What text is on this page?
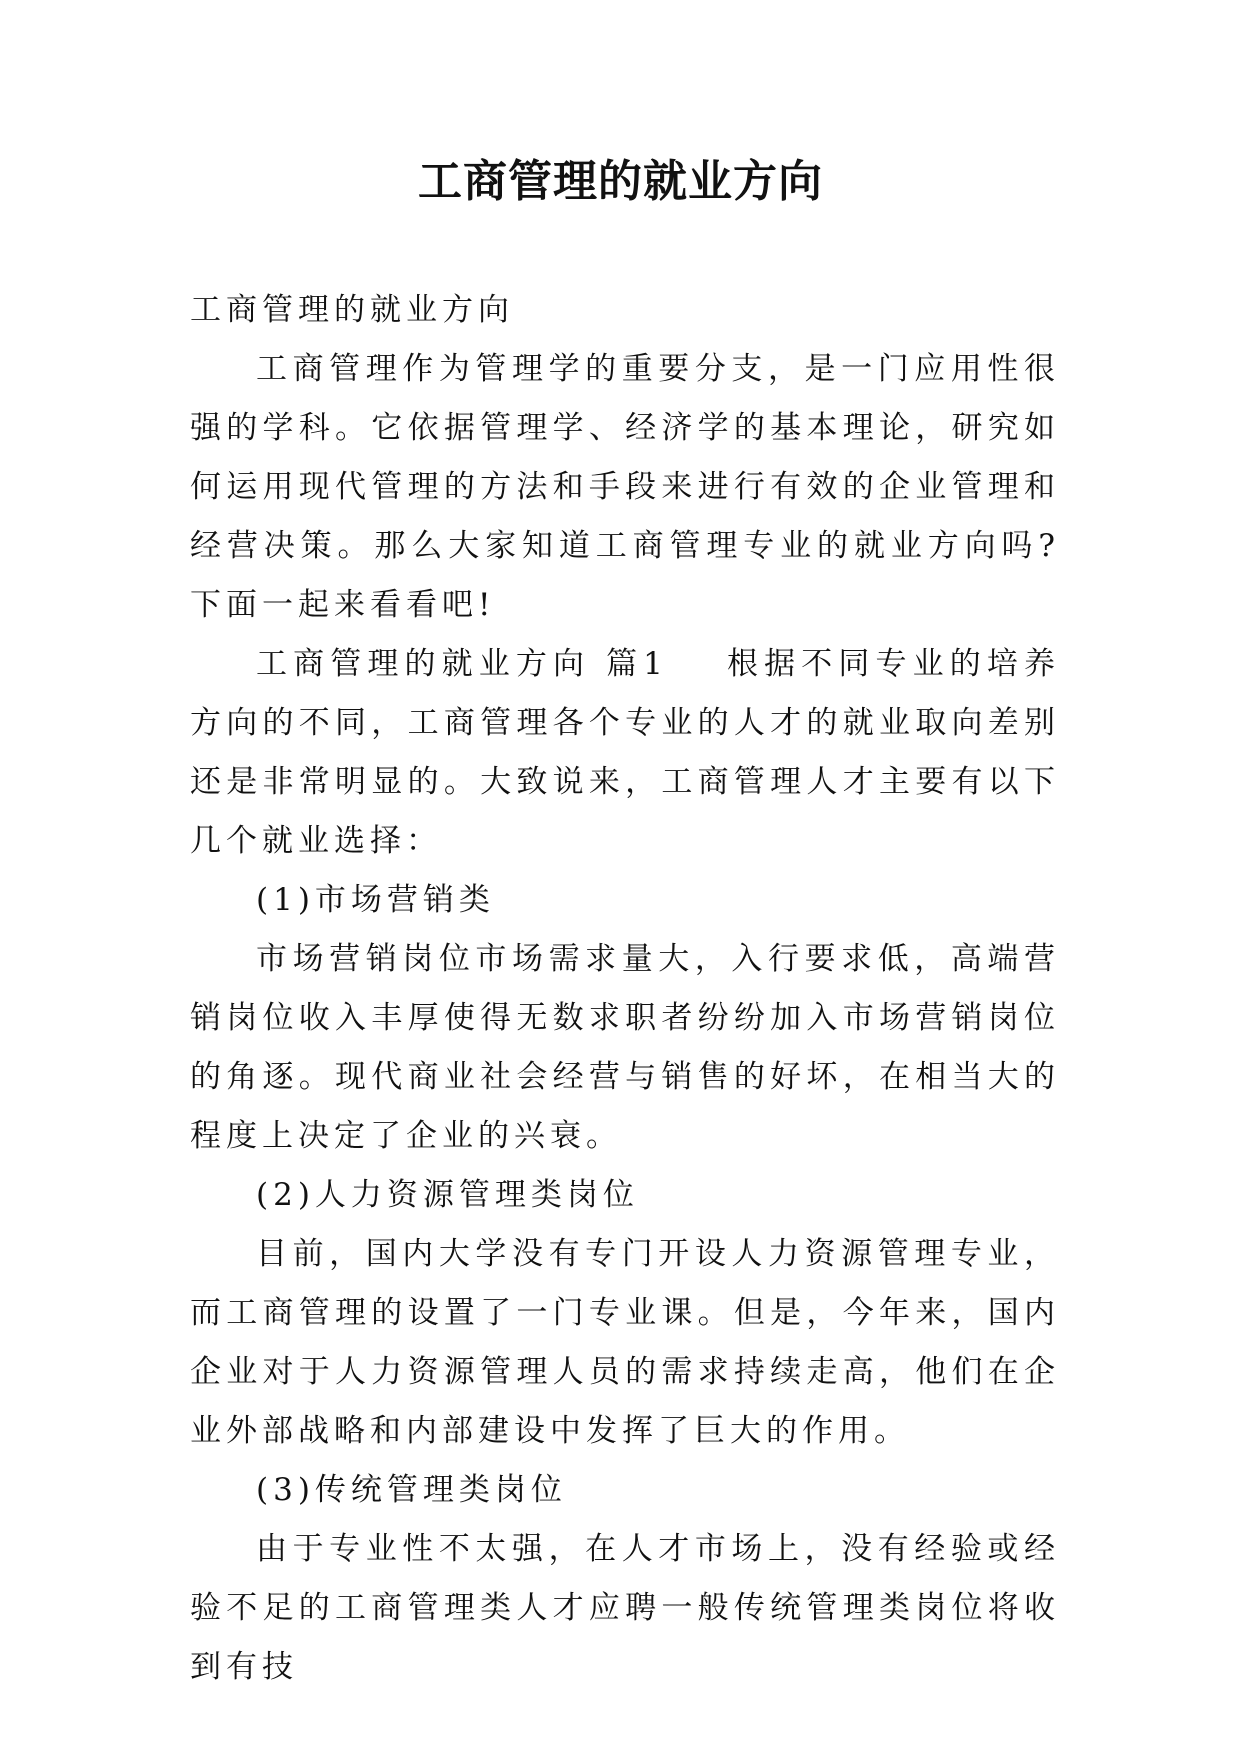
工商管理的就业方向

工商管理的就业方向

工商管理作为管理学的重要分支，是一门应用性很强的学科。它依据管理学、经济学的基本理论，研究如何运用现代管理的方法和手段来进行有效的企业管理和经营决策。那么大家知道工商管理专业的就业方向吗?下面一起来看看吧!

工商管理的就业方向 篇1 根据不同专业的培养方向的不同，工商管理各个专业的人才的就业取向差别还是非常明显的。大致说来，工商管理人才主要有以下几个就业选择：

(1)市场营销类

市场营销岗位市场需求量大，入行要求低，高端营销岗位收入丰厚使得无数求职者纷纷加入市场营销岗位的角逐。现代商业社会经营与销售的好坏，在相当大的程度上决定了企业的兴衰。

(2)人力资源管理类岗位

目前，国内大学没有专门开设人力资源管理专业，而工商管理的设置了一门专业课。但是，今年来，国内企业对于人力资源管理人员的需求持续走高，他们在企业外部战略和内部建设中发挥了巨大的作用。

(3)传统管理类岗位

由于专业性不太强，在人才市场上，没有经验或经验不足的工商管理类人才应聘一般传统管理类岗位将收到有技
